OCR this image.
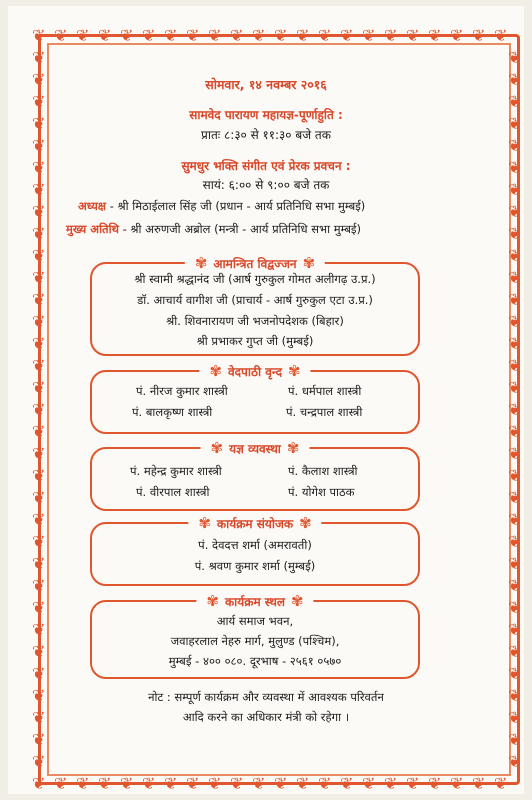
❦
❦
❦
❦
❦
❦
❦
❦
❦
❦
❦
❦
❦
❦
❦
❦
❦
❦
❦
❦
❦
❦
❦
❦
❦
❦
❦
❦
❦
❦
❦
❦
❦
❦
❦
❦
❦
❦
❦
❦
❦
❦
❦
❦
❦	❦
❦	❦
❦	❦
❦	❦
❦	❦
❦	❦
❦	❦
❦	❦
❦	❦
❦	❦
❦	❦
❦	❦
❦	❦
❦	❦
❦	❦
❦	❦
❦	❦
❦	❦
❦	❦
❦	❦
❦	❦
❦	❦
❦	❦
❦	❦
❦	❦
❦	❦
❦	❦
❦	❦
❦	❦
❦	❦
❦	❦
❦	❦
❦	❦
सोमवार, १४ नवम्बर २०१६
सामवेद पारायण महायज्ञ-पूर्णाहुति :
प्रातः ८:३० से ११:३० बजे तक
सुमधुर भक्ति संगीत एवं प्रेरक प्रवचन :
सायं: ६:०० से ९:०० बजे तक
अध्यक्ष - श्री मिठाईलाल सिंह जी (प्रधान - आर्य प्रतिनिधि सभा मुम्बई)
मुख्य अतिथि - श्री अरुणजी अब्रोल (मन्त्री - आर्य प्रतिनिधि सभा मुम्बई)
✾ आमन्त्रित विद्वज्जन ✾
श्री स्वामी श्रद्धानंद जी (आर्ष गुरुकुल गोमत अलीगढ़ उ.प्र.)
डॉ. आचार्य वागीश जी (प्राचार्य - आर्ष गुरुकुल एटा उ.प्र.)
श्री. शिवनारायण जी भजनोपदेशक (बिहार)
श्री प्रभाकर गुप्त जी (मुम्बई)
✾ वेदपाठी वृन्द ✾
पं. नीरज कुमार शास्त्री	पं. धर्मपाल शास्त्री
पं. बालकृष्ण शास्त्री	पं. चन्द्रपाल शास्त्री
✾ यज्ञ व्यवस्था ✾
पं. महेन्द्र कुमार शास्त्री	पं. कैलाश शास्त्री
पं. वीरपाल शास्त्री	पं. योगेश पाठक
✾ कार्यक्रम संयोजक ✾
पं. देवदत्त शर्मा (अमरावती)
पं. श्रवण कुमार शर्मा (मुम्बई)
✾ कार्यक्रम स्थल ✾
आर्य समाज भवन,
जवाहरलाल नेहरु मार्ग, मुलुण्ड (पश्चिम),
मुम्बई - ४०० ०८०. दूरभाष - २५६१ ०५७०
नोट : सम्पूर्ण कार्यक्रम और व्यवस्था में आवश्यक परिवर्तन
आदि करने का अधिकार मंत्री को रहेगा ।
